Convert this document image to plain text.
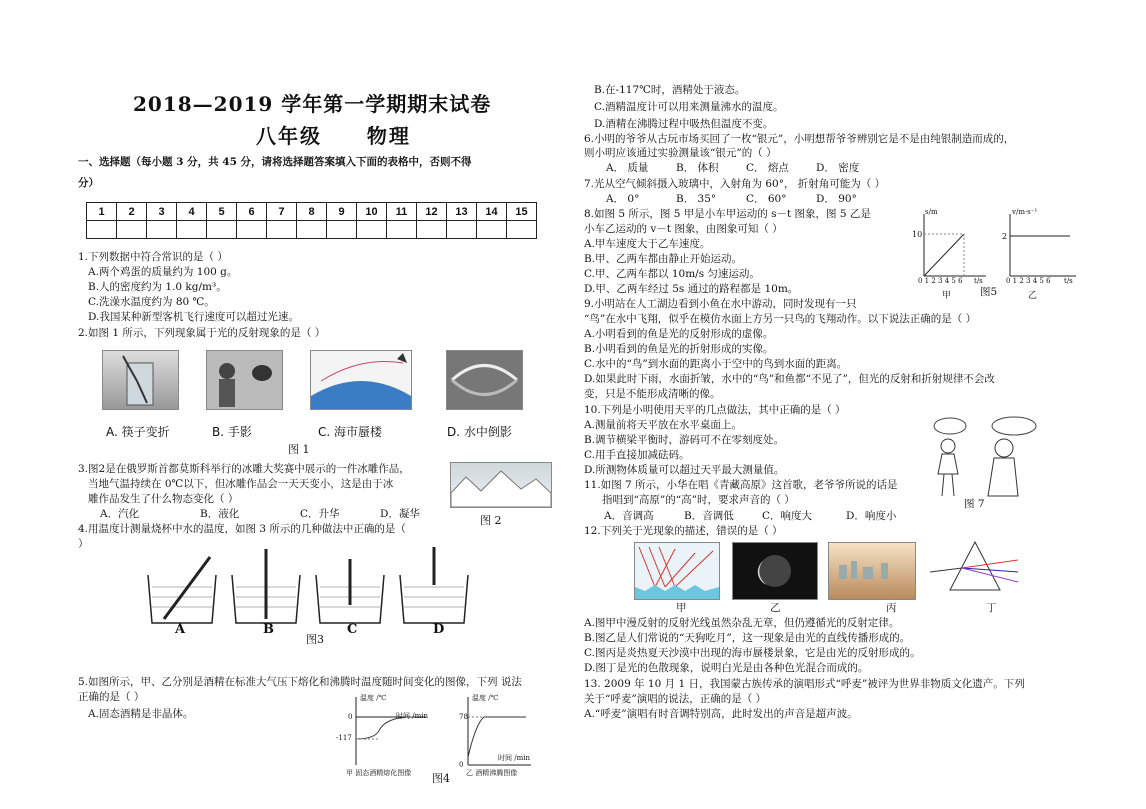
2018—2019 学年第一学期期末试卷
八年级     物理
一、选择题（每小题 3 分，共 45 分，请将选择题答案填入下面的表格中，否则不得
分）
1	2	3	4	5	6	7	8	9	10	11	12	13	14	15

1.下列数据中符合常识的是（ ）
A.两个鸡蛋的质量约为 100 g。
B.人的密度约为 1.0 kg/m³。
C.洗澡水温度约为 80 ℃。
D.我国某种新型客机飞行速度可以超过光速。
2.如图 1 所示，下列现象属于光的反射现象的是（ ）
A. 筷子变折	B. 手影	C. 海市蜃楼	D. 水中倒影
图 1
3.图2是在俄罗斯首都莫斯科举行的冰雕大奖赛中展示的一件冰雕作品，
当地气温持续在 0℃以下，但冰雕作品会一天天变小，这是由于冰
雕作品发生了什么物态变化（ ）
A．汽化	B．液化	C．升华	D．凝华	图 2
4.用温度计测量烧杯中水的温度，如图 3 所示的几种做法中正确的是（
）
A	B	C	D
图3
5.如图所示，甲、乙分别是酒精在标准大气压下熔化和沸腾时温度随时间变化的图像，下列 说法
正确的是（ ）
A.固态酒精是非晶体。
温度 /℃
时间 /min
0
-117
甲 固态酒精熔化图像
温度 /℃
时间 /min
0
78
乙 酒精沸腾图像
图4
B.在-117℃时，酒精处于液态。
C.酒精温度计可以用来测量沸水的温度。
D.酒精在沸腾过程中吸热但温度不变。
6.小明的爷爷从古玩市场买回了一枚“银元”，小明想帮爷爷辨别它是不是由纯银制造而成的，
则小明应该通过实验测量该“银元”的（ ）
A． 质量	B． 体积	C． 熔点	D． 密度
7.光从空气倾斜摄入玻璃中，入射角为 60°， 折射角可能为（ ）
A． 0°	B． 35°	C． 60°	D． 90°
8.如图 5 所示，图 5 甲是小车甲运动的 s－t 图象，图 5 乙是
小车乙运动的 v－t 图象，由图象可知（ ）
A.甲车速度大于乙车速度。
B.甲、乙两车都由静止开始运动。
C.甲、乙两车都以 10m/s 匀速运动。
D.甲、乙两车经过 5s 通过的路程都是 10m。
s/m	v/m·s⁻¹
10	2
0 1 2 3 4 5 6 t/s	0 1 2 3 4 5 6 t/s
甲	图5	乙
9.小明站在人工湖边看到小鱼在水中游动，同时发现有一只
“鸟”在水中飞翔，似乎在模仿水面上方另一只鸟的飞翔动作。以下说法正确的是（ ）
A.小明看到的鱼是光的反射形成的虚像。
B.小明看到的鱼是光的折射形成的实像。
C.水中的“鸟”到水面的距离小于空中的鸟到水面的距离。
D.如果此时下雨，水面折皱，水中的“鸟”和鱼都“不见了”，但光的反射和折射规律不会改
变，只是不能形成清晰的像。
10.下列是小明使用天平的几点做法，其中正确的是（ ）
A.测量前将天平放在水平桌面上。
B.调节横梁平衡时，游码可不在零刻度处。
C.用手直接加减砝码。
D.所测物体质量可以超过天平最大测量值。
图 7
11.如图 7 所示，小华在唱《青藏高原》这首歌，老爷爷所说的话是
指唱到“高原”的“高”时，要求声音的（ ）
A．音调高	B．音调低	C．响度大	D．响度小
12.下列关于光现象的描述，错误的是（ ）
甲	乙	丙	丁
A.图甲中漫反射的反射光线虽然杂乱无章，但仍遵循光的反射定律。
B.图乙是人们常说的“天狗吃月”，这一现象是由光的直线传播形成的。
C.图丙是炎热夏天沙漠中出现的海市蜃楼景象，它是由光的反射形成的。
D.图丁是光的色散现象，说明白光是由各种色光混合而成的。
13. 2009 年 10 月 1 日，我国蒙古族传承的演唱形式“呼麦”被评为世界非物质文化遗产。下列
关于“呼麦”演唱的说法，正确的是（ ）
A.“呼麦”演唱有时音调特别高，此时发出的声音是超声波。
